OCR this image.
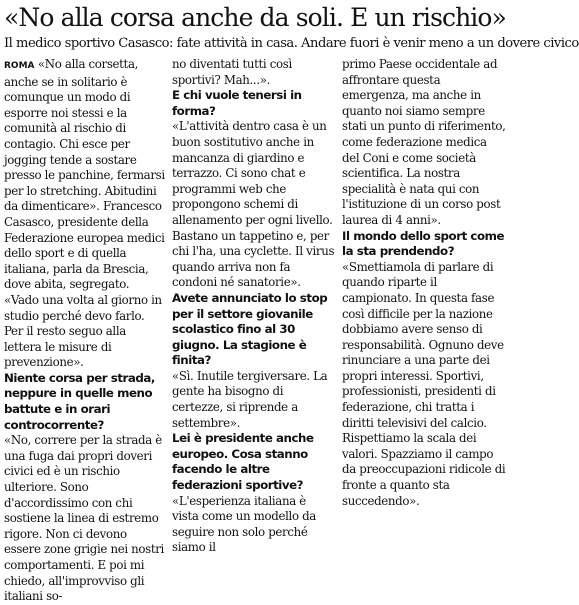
«No alla corsa anche da soli. E un rischio»
Il medico sportivo Casasco: fate attività in casa. Andare fuori è venir meno a un dovere civico

ROMA «No alla corsetta, anche se in solitario è comunque un modo di esporre noi stessi e la comunità al rischio di contagio. Chi esce per jogging tende a sostare presso le panchine, fermarsi per lo stretching. Abitudini da dimenticare». Francesco Casasco, presidente della Federazione europea medici dello sport e di quella italiana, parla da Brescia, dove abita, segregato. «Vado una volta al giorno in studio perché devo farlo. Per il resto seguo alla lettera le misure di prevenzione».

Niente corsa per strada, neppure in quelle meno battute e in orari controcorrente?

«No, correre per la strada è una fuga dai propri doveri civici ed è un rischio ulteriore. Sono d'accordissimo con chi sostiene la linea di estremo rigore. Non ci devono essere zone grigie nei nostri comportamenti. E poi mi chiedo, all'improvviso gli italiani so-

no diventati tutti così sportivi? Mah...».

E chi vuole tenersi in forma?

«L'attività dentro casa è un buon sostitutivo anche in mancanza di giardino e terrazzo. Ci sono chat e programmi web che propongono schemi di allenamento per ogni livello. Bastano un tappetino e, per chi l'ha, una cyclette. Il virus quando arriva non fa condoni né sanatorie».

Avete annunciato lo stop per il settore giovanile scolastico fino al 30 giugno. La stagione è finita?

«Sì. Inutile tergiversare. La gente ha bisogno di certezze, si riprende a settembre».

Lei è presidente anche europeo. Cosa stanno facendo le altre federazioni sportive?

«L'esperienza italiana è vista come un modello da seguire non solo perché siamo il

primo Paese occidentale ad affrontare questa emergenza, ma anche in quanto noi siamo sempre stati un punto di riferimento, come federazione medica del Coni e come società scientifica. La nostra specialità è nata qui con l'istituzione di un corso post laurea di 4 anni».

Il mondo dello sport come la sta prendendo?

«Smettiamola di parlare di quando riparte il campionato. In questa fase così difficile per la nazione dobbiamo avere senso di responsabilità. Ognuno deve rinunciare a una parte dei propri interessi. Sportivi, professionisti, presidenti di federazione, chi tratta i diritti televisivi del calcio. Rispettiamo la scala dei valori. Spazziamo il campo da preoccupazioni ridicole di fronte a quanto sta succedendo».
